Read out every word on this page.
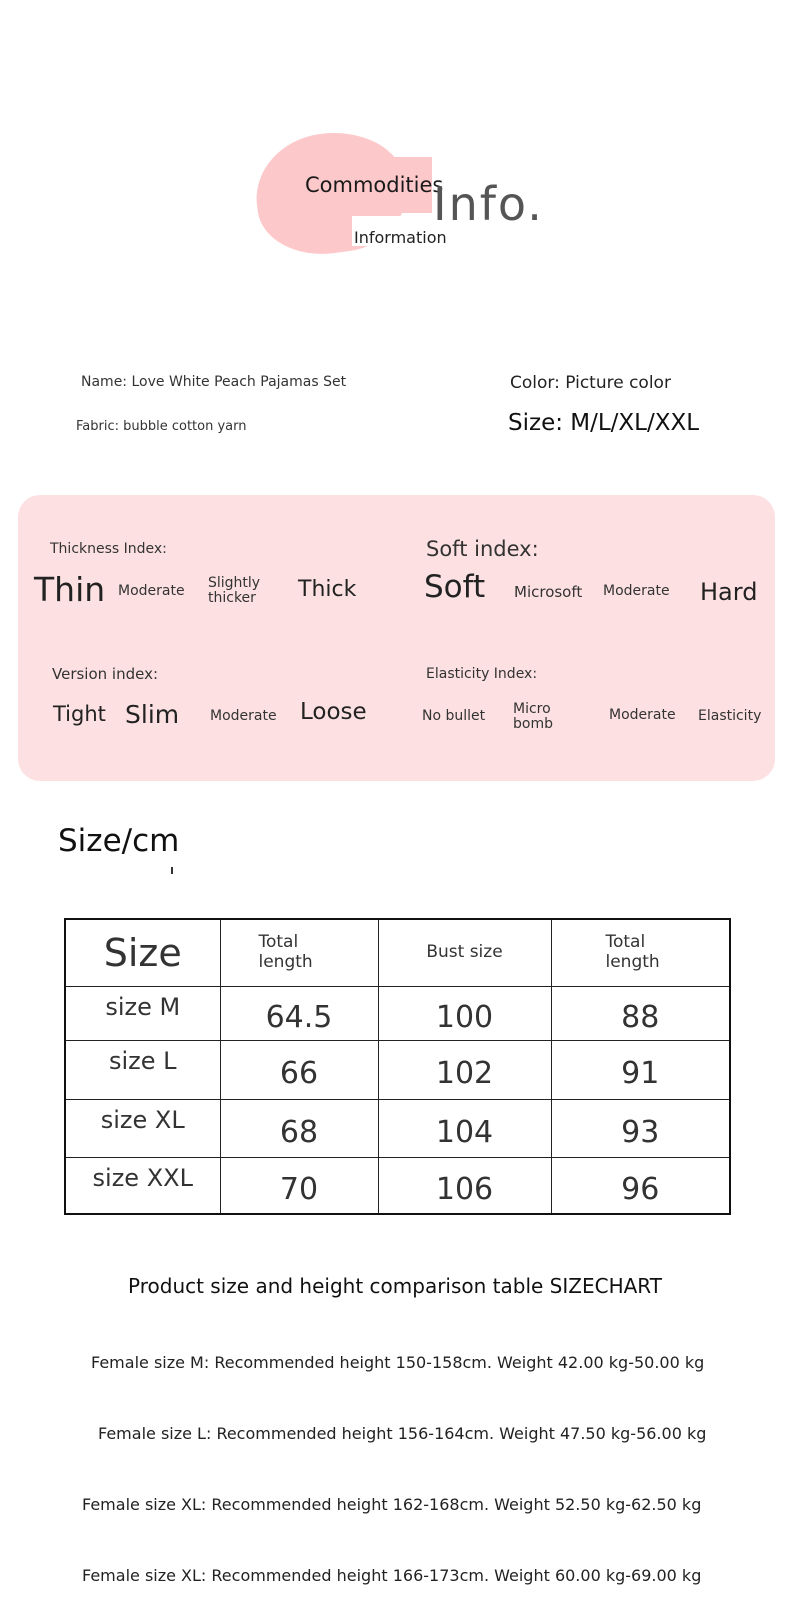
Commodities
Info.
Information
Name: Love White Peach Pajamas Set
Fabric: bubble cotton yarn
Color: Picture color
Size: M/L/XL/XXL
Thickness Index:
Thin Moderate Slightly thicker	Thick
Soft index:
Soft Microsoft Moderate Hard
Version index:
Tight Slim Moderate Loose
Elasticity Index:
No bullet Micro bomb
Moderate Elasticity
Size/cm
Size	Total length	Bust size	Total length

size M	64.5	100	88
size L	66	102	91
size XL	68	104	93
size XXL	70	106	96
Product size and height comparison table SIZECHART
Female size M: Recommended height 150-158cm. Weight 42.00 kg-50.00 kg
Female size L: Recommended height 156-164cm. Weight 47.50 kg-56.00 kg
Female size XL: Recommended height 162-168cm. Weight 52.50 kg-62.50 kg
Female size XL: Recommended height 166-173cm. Weight 60.00 kg-69.00 kg
